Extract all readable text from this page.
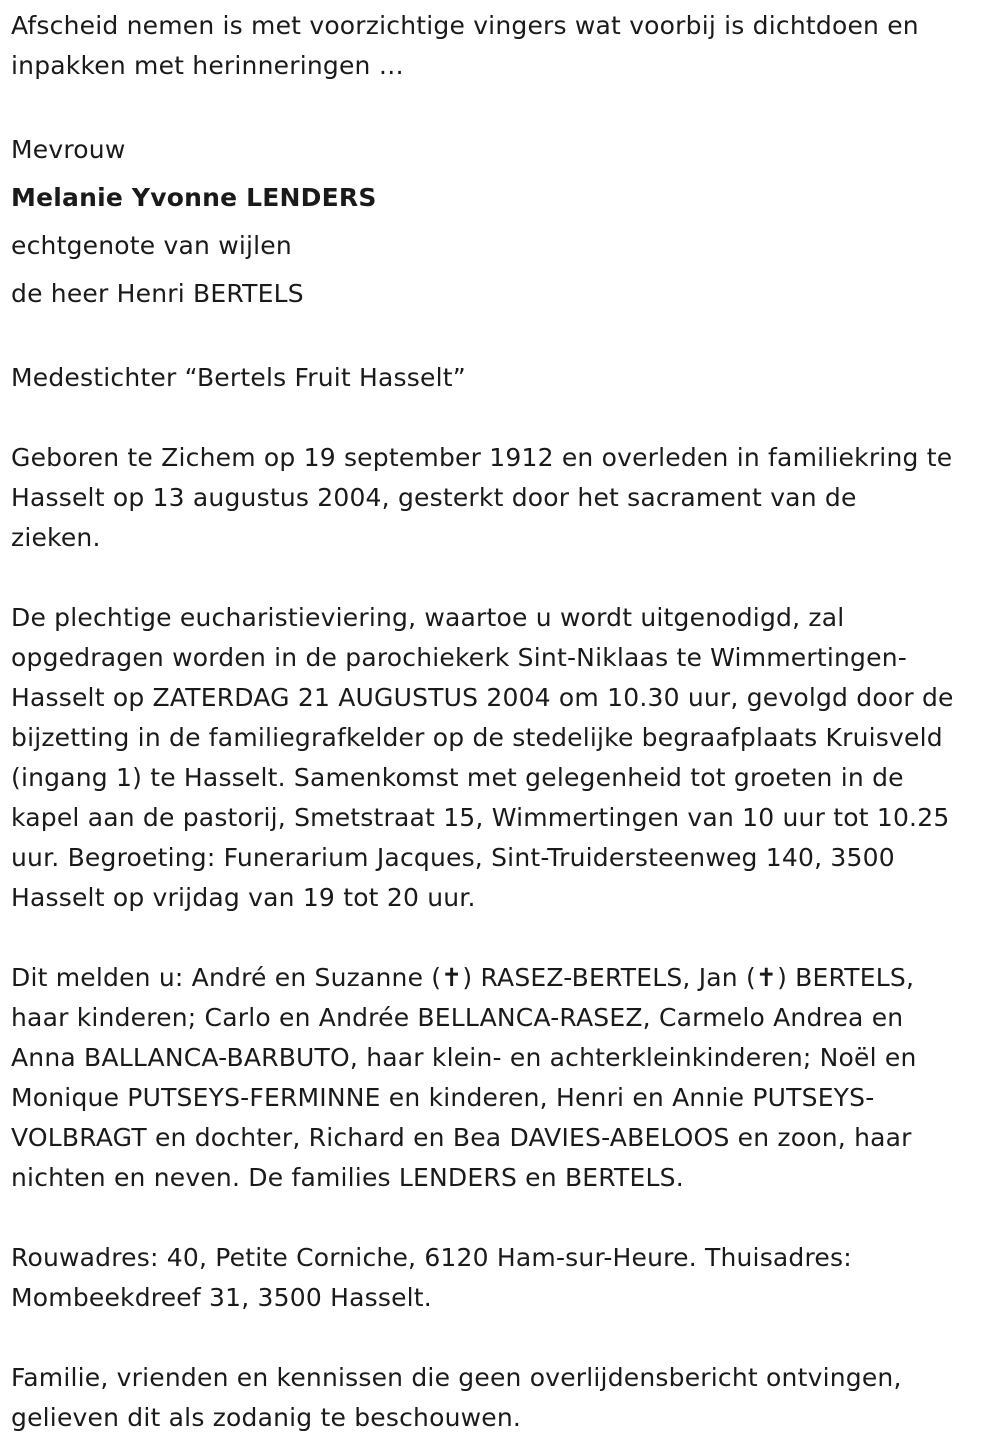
Afscheid nemen is met voorzichtige vingers wat voorbij is dichtdoen en
inpakken met herinneringen …
Mevrouw
Melanie Yvonne LENDERS
echtgenote van wijlen
de heer Henri BERTELS
Medestichter “Bertels Fruit Hasselt”
Geboren te Zichem op 19 september 1912 en overleden in familiekring te
Hasselt op 13 augustus 2004, gesterkt door het sacrament van de
zieken.
De plechtige eucharistieviering, waartoe u wordt uitgenodigd, zal
opgedragen worden in de parochiekerk Sint-Niklaas te Wimmertingen-
Hasselt op ZATERDAG 21 AUGUSTUS 2004 om 10.30 uur, gevolgd door de
bijzetting in de familiegrafkelder op de stedelijke begraafplaats Kruisveld
(ingang 1) te Hasselt. Samenkomst met gelegenheid tot groeten in de
kapel aan de pastorij, Smetstraat 15, Wimmertingen van 10 uur tot 10.25
uur. Begroeting: Funerarium Jacques, Sint-Truidersteenweg 140, 3500
Hasselt op vrijdag van 19 tot 20 uur.
Dit melden u: André en Suzanne (✝) RASEZ-BERTELS, Jan (✝) BERTELS,
haar kinderen; Carlo en Andrée BELLANCA-RASEZ, Carmelo Andrea en
Anna BALLANCA-BARBUTO, haar klein- en achterkleinkinderen; Noël en
Monique PUTSEYS-FERMINNE en kinderen, Henri en Annie PUTSEYS-
VOLBRAGT en dochter, Richard en Bea DAVIES-ABELOOS en zoon, haar
nichten en neven. De families LENDERS en BERTELS.
Rouwadres: 40, Petite Corniche, 6120 Ham-sur-Heure. Thuisadres:
Mombeekdreef 31, 3500 Hasselt.
Familie, vrienden en kennissen die geen overlijdensbericht ontvingen,
gelieven dit als zodanig te beschouwen.
